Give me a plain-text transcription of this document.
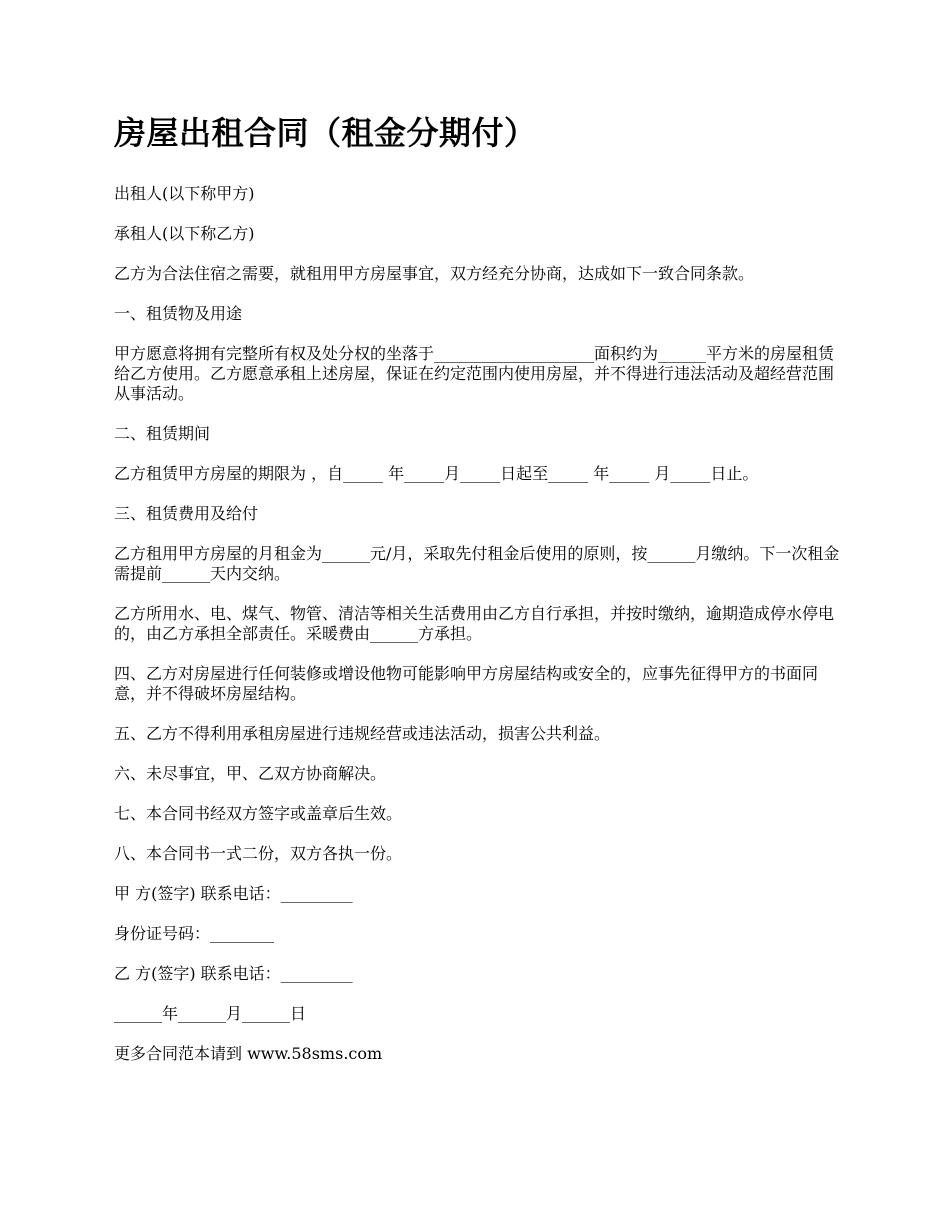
房屋出租合同（租金分期付）

出租人(以下称甲方)

承租人(以下称乙方)

乙方为合法住宿之需要，就租用甲方房屋事宜，双方经充分协商，达成如下一致合同条款。

一、租赁物及用途

甲方愿意将拥有完整所有权及处分权的坐落于____________________面积约为______平方米的房屋租赁给乙方使用。乙方愿意承租上述房屋，保证在约定范围内使用房屋，并不得进行违法活动及超经营范围从事活动。

二、租赁期间

乙方租赁甲方房屋的期限为 ，自_____ 年_____月_____日起至_____ 年_____ 月_____日止。

三、租赁费用及给付

乙方租用甲方房屋的月租金为______元/月，采取先付租金后使用的原则，按______月缴纳。下一次租金需提前______天内交纳。

乙方所用水、电、煤气、物管、清洁等相关生活费用由乙方自行承担，并按时缴纳，逾期造成停水停电的，由乙方承担全部责任。采暖费由______方承担。

四、乙方对房屋进行任何装修或增设他物可能影响甲方房屋结构或安全的，应事先征得甲方的书面同意，并不得破坏房屋结构。

五、乙方不得利用承租房屋进行违规经营或违法活动，损害公共利益。

六、未尽事宜，甲、乙双方协商解决。

七、本合同书经双方签字或盖章后生效。

八、本合同书一式二份，双方各执一份。

甲 方(签字) 联系电话：_________

身份证号码：________

乙 方(签字) 联系电话：_________

______年______月______日

更多合同范本请到 www.58sms.com
